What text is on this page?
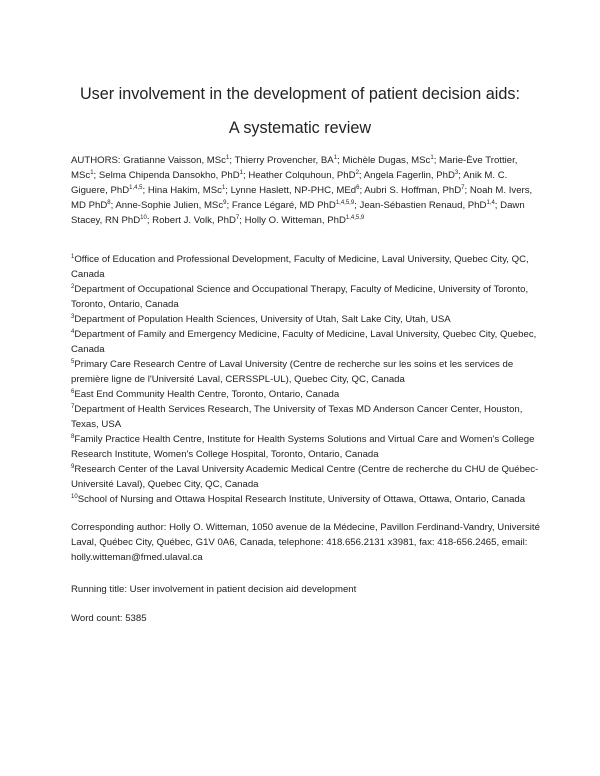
User involvement in the development of patient decision aids:
A systematic review
AUTHORS: Gratianne Vaisson, MSc$^1$; Thierry Provencher, $BA^1$; Michèle Dugas, MSc$^1$; Marie-Ève Trottier, MSc$^1$; Selma Chipenda Dansokho, PhD$^1$; Heather Colquhoun, PhD$^2$; Angela Fagerlin, PhD$^3$; Anik M. C. Giguere, PhD$^{1,4,5}$; Hina Hakim, MSc$^1$; Lynne Haslett, NP-PHC, MEd$^6$; Aubri S. Hoffman, PhD$^7$; Noah M. Ivers, MD PhD$^8$; Anne-Sophie Julien, MSc$^9$; France Légaré, MD PhD$^{1,4,5,9}$; Jean-Sébastien Renaud, PhD$^{1,4}$; Dawn Stacey, RN PhD$^{10}$; Robert J. Volk, PhD$^7$; Holly O. Witteman, PhD$^{1,4,5,9}$
$^1$Office of Education and Professional Development, Faculty of Medicine, Laval University, Quebec City, QC, Canada
$^2$Department of Occupational Science and Occupational Therapy, Faculty of Medicine, University of Toronto, Toronto, Ontario, Canada
$^3$Department of Population Health Sciences, University of Utah, Salt Lake City, Utah, USA
$^4$Department of Family and Emergency Medicine, Faculty of Medicine, Laval University, Quebec City, Quebec, Canada
$^5$Primary Care Research Centre of Laval University (Centre de recherche sur les soins et les services de première ligne de l'Université Laval, CERSSPL-UL), Quebec City, QC, Canada
$^6$East End Community Health Centre, Toronto, Ontario, Canada
$^7$Department of Health Services Research, The University of Texas MD Anderson Cancer Center, Houston, Texas, USA
$^8$Family Practice Health Centre, Institute for Health Systems Solutions and Virtual Care and Women's College Research Institute, Women's College Hospital, Toronto, Ontario, Canada
$^9$Research Center of the Laval University Academic Medical Centre (Centre de recherche du CHU de Québec-Université Laval), Quebec City, QC, Canada
$^{10}$School of Nursing and Ottawa Hospital Research Institute, University of Ottawa, Ottawa, Ontario, Canada
Corresponding author: Holly O. Witteman, 1050 avenue de la Médecine, Pavillon Ferdinand-Vandry, Université Laval, Québec City, Québec, G1V 0A6, Canada, telephone: 418.656.2131 x3981, fax: 418-656.2465, email: holly.witteman@fmed.ulaval.ca
Running title: User involvement in patient decision aid development
Word count: 5385
